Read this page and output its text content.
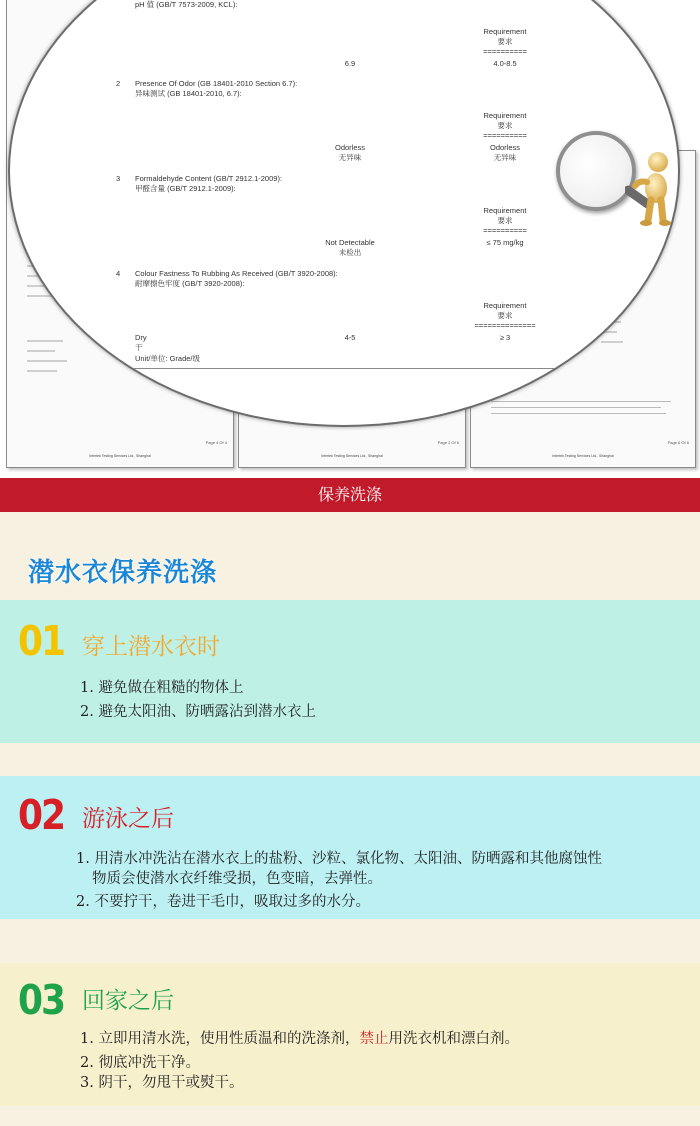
Page 4 Of 4
Intertek Testing Services Ltd., Shanghai
Page 2 Of 6
Intertek Testing Services Ltd., Shanghai
Page 6 Of 6
Intertek Testing Services Ltd., Shanghai
pH 值 (GB/T 7573-2009, KCL):
Requirement
要求
==========
6.9	4.0-8.5
2 Presence Of Odor (GB 18401-2010 Section 6.7):
异味测试 (GB 18401-2010, 6.7):
Requirement
要求
==========
Odorless
无异味
Odorless
无异味
3 Formaldehyde Content (GB/T 2912.1-2009):
甲醛含量 (GB/T 2912.1-2009):
Requirement
要求
==========
Not Detectable
未检出
≤ 75 mg/kg
4 Colour Fastness To Rubbing As Received (GB/T 3920-2008):
耐摩擦色牢度 (GB/T 3920-2008):
Requirement
要求
==============
Dry
干
4-5	≥ 3
Unit/单位: Grade/级
保养洗涤
潜水衣保养洗涤
01 穿上潜水衣时
1. 避免做在粗糙的物体上
2. 避免太阳油、防晒露沾到潜水衣上
02 游泳之后
1. 用清水冲洗沾在潜水衣上的盐粉、沙粒、氯化物、太阳油、防晒露和其他腐蚀性
物质会使潜水衣纤维受损，色变暗，去弹性。
2. 不要拧干，卷进干毛巾，吸取过多的水分。
03 回家之后
1. 立即用清水洗，使用性质温和的洗涤剂，禁止用洗衣机和漂白剂。
2. 彻底冲洗干净。
3. 阴干，勿甩干或熨干。
